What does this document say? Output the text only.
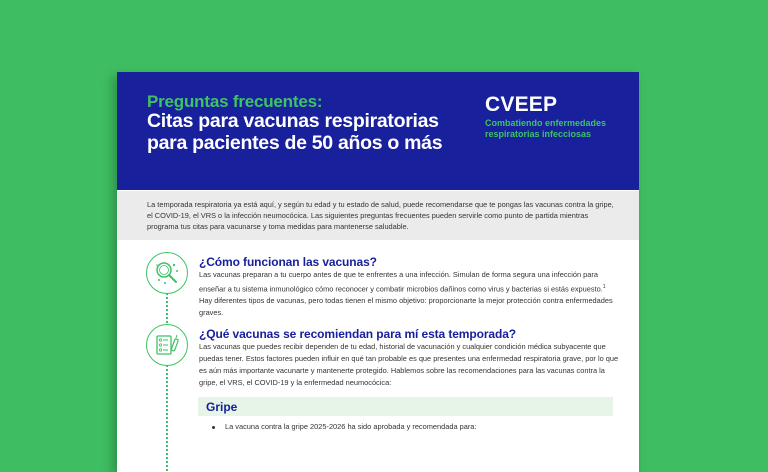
Preguntas frecuentes:
Citas para vacunas respiratorias para pacientes de 50 años o más
CVEEP
Combatiendo enfermedades respiratorias infecciosas

La temporada respiratoria ya está aquí, y según tu edad y tu estado de salud, puede recomendarse que te pongas las vacunas contra la gripe, el COVID-19, el VRS o la infección neumocócica. Las siguientes preguntas frecuentes pueden servirle como punto de partida mientras programa tus citas para vacunarse y toma medidas para mantenerse saludable.

¿Cómo funcionan las vacunas?

Las vacunas preparan a tu cuerpo antes de que te enfrentes a una infección. Simulan de forma segura una infección para enseñar a tu sistema inmunológico cómo reconocer y combatir microbios dañinos como virus y bacterias si estás expuesto.$^1$ Hay diferentes tipos de vacunas, pero todas tienen el mismo objetivo: proporcionarte la mejor protección contra enfermedades graves.

¿Qué vacunas se recomiendan para mí esta temporada?

Las vacunas que puedes recibir dependen de tu edad, historial de vacunación y cualquier condición médica subyacente que puedas tener. Estos factores pueden influir en qué tan probable es que presentes una enfermedad respiratoria grave, por lo que es aún más importante vacunarte y mantenerte protegido. Hablemos sobre las recomendaciones para las vacunas contra la gripe, el VRS, el COVID-19 y la enfermedad neumocócica:

Gripe
La vacuna contra la gripe 2025-2026 ha sido aprobada y recomendada para:
